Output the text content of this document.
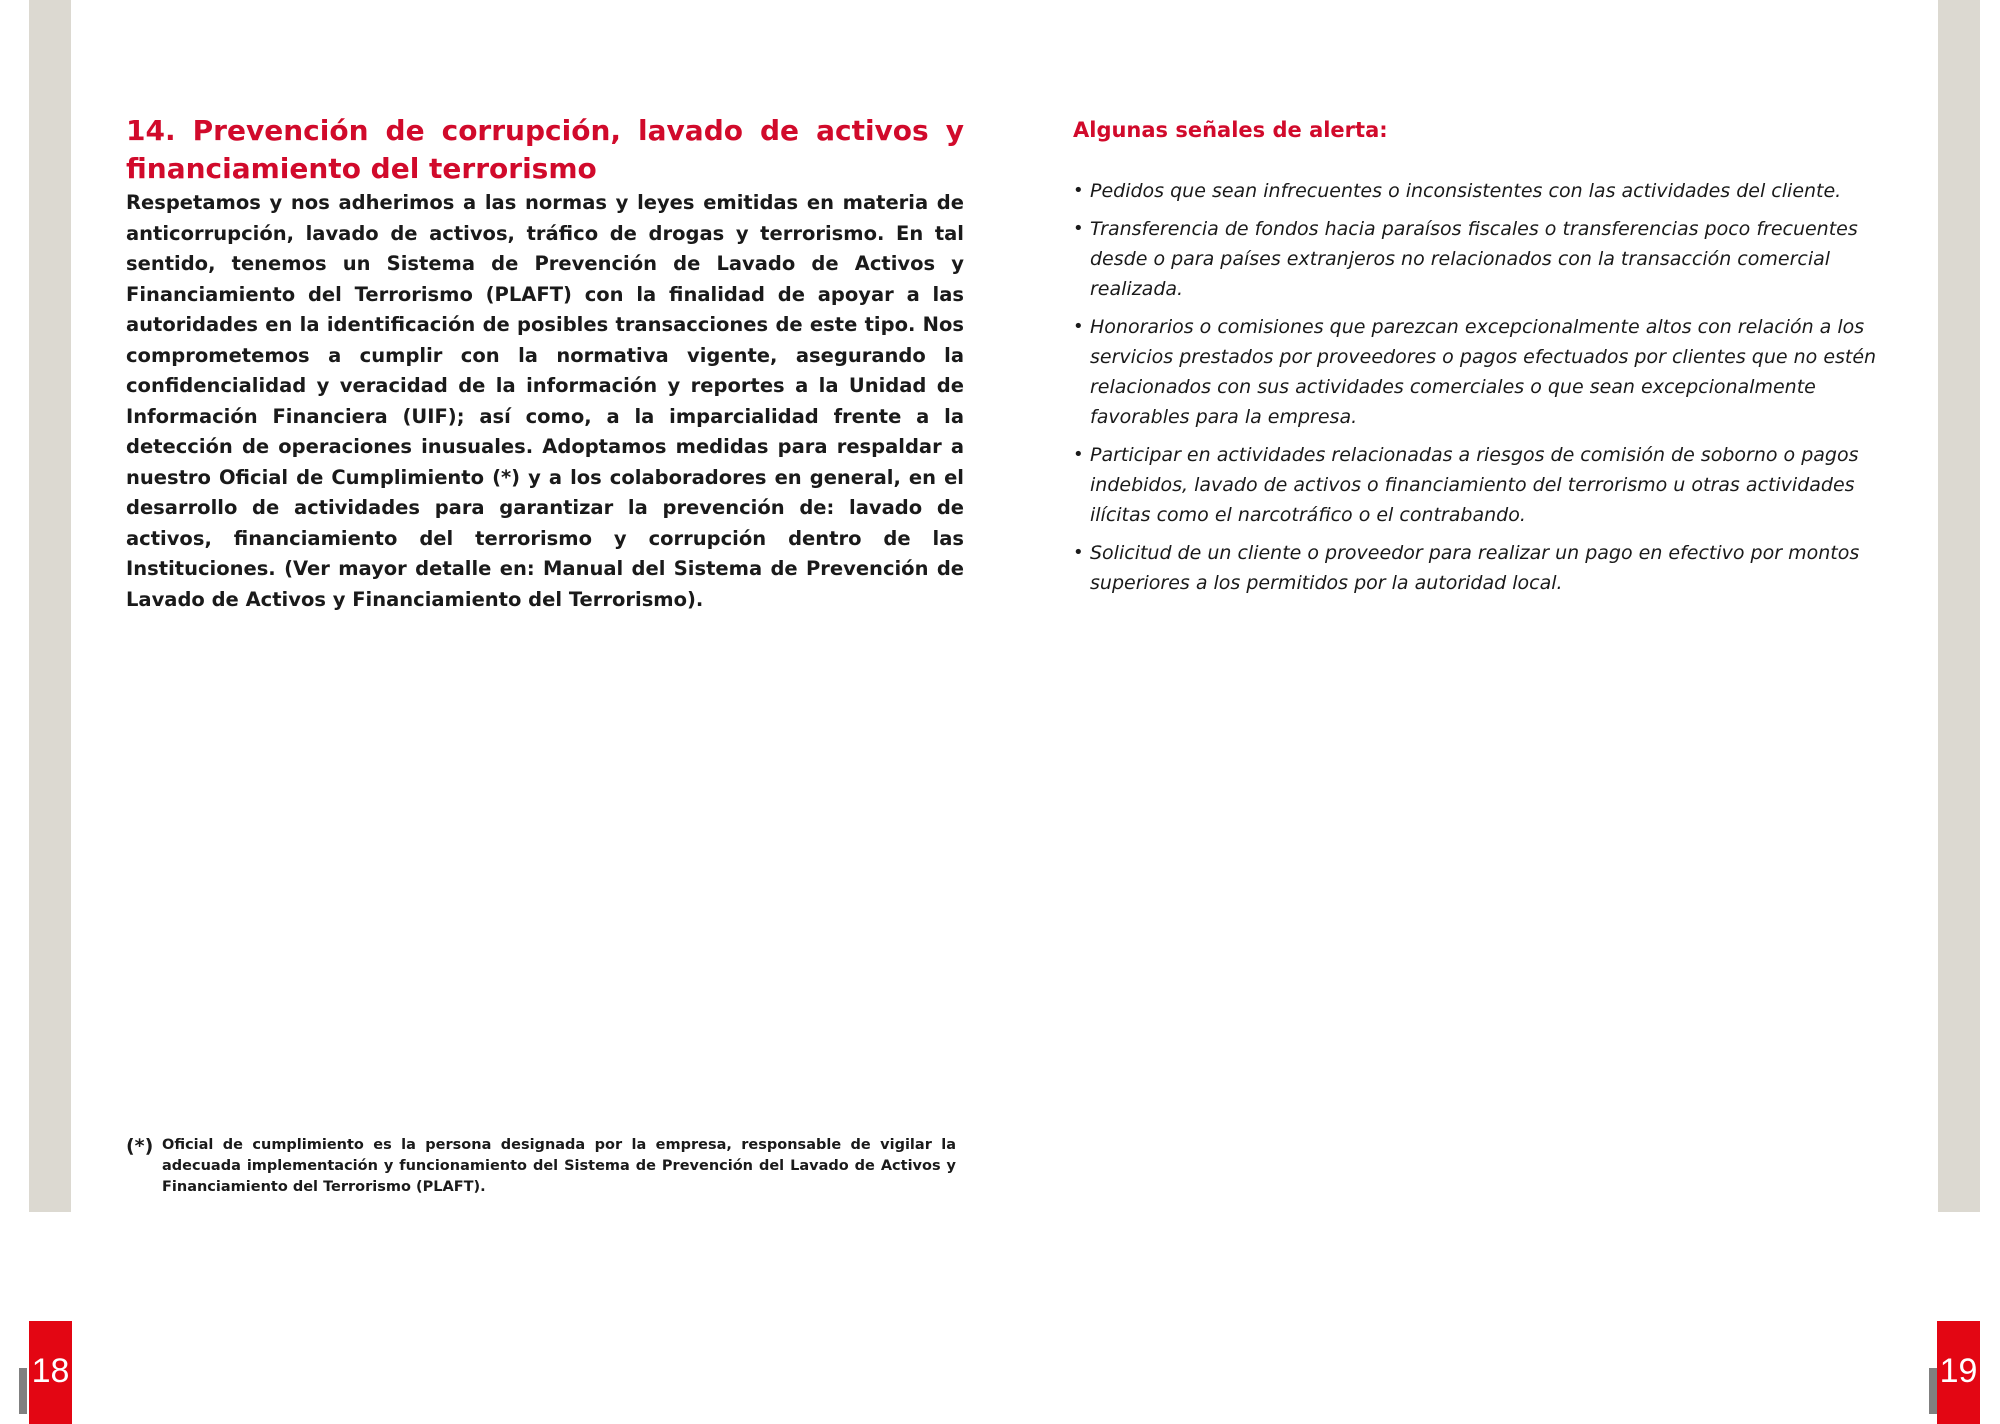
14. Prevención de corrupción, lavado de activos y financiamiento del terrorismo

Respetamos y nos adherimos a las normas y leyes emitidas en materia de anticorrupción, lavado de activos, tráfico de drogas y terrorismo. En tal sentido, tenemos un Sistema de Prevención de Lavado de Activos y Financiamiento del Terrorismo (PLAFT) con la finalidad de apoyar a las autoridades en la identificación de posibles transacciones de este tipo. Nos comprometemos a cumplir con la normativa vigente, asegurando la confidencialidad y veracidad de la información y reportes a la Unidad de Información Financiera (UIF); así como, a la imparcialidad frente a la detección de operaciones inusuales. Adoptamos medidas para respaldar a nuestro Oficial de Cumplimiento (*) y a los colaboradores en general, en el desarrollo de actividades para garantizar la prevención de: lavado de activos, financiamiento del terrorismo y corrupción dentro de las Instituciones. (Ver mayor detalle en: Manual del Sistema de Prevención de Lavado de Activos y Financiamiento del Terrorismo).

(*) Oficial de cumplimiento es la persona designada por la empresa, responsable de vigilar la adecuada implementación y funcionamiento del Sistema de Prevención del Lavado de Activos y Financiamiento del Terrorismo (PLAFT).
Algunas señales de alerta:
• Pedidos que sean infrecuentes o inconsistentes con las actividades del cliente.
• Transferencia de fondos hacia paraísos fiscales o transferencias poco frecuentes desde o para países extranjeros no relacionados con la transacción comercial realizada.
• Honorarios o comisiones que parezcan excepcionalmente altos con relación a los servicios prestados por proveedores o pagos efectuados por clientes que no estén relacionados con sus actividades comerciales o que sean excepcionalmente favorables para la empresa.
• Participar en actividades relacionadas a riesgos de comisión de soborno o pagos indebidos, lavado de activos o financiamiento del terrorismo u otras actividades ilícitas como el narcotráfico o el contrabando.
• Solicitud de un cliente o proveedor para realizar un pago en efectivo por montos superiores a los permitidos por la autoridad local.
18	19
